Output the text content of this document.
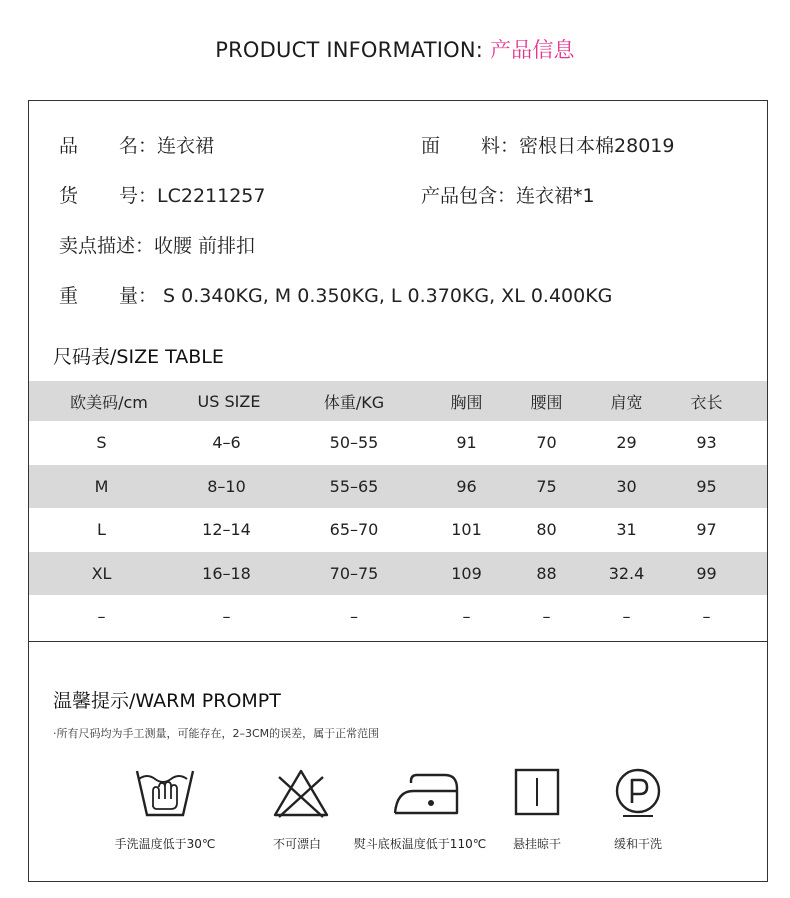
PRODUCT INFORMATION: 产品信息
品 名：连衣裙	面 料：密根日本棉28019
货 号：LC2211257	产品包含：连衣裙*1
卖点描述：收腰 前排扣
重 量： S 0.340KG, M 0.350KG, L 0.370KG, XL 0.400KG
尺码表/SIZE TABLE
欧美码/cm	US SIZE	体重/KG	胸围	腰围	肩宽	衣长
S	4–6	50–55	91	70	29	93
M	8–10	55–65	96	75	30	95
L	12–14	65–70	101	80	31	97
XL	16–18	70–75	109	88	32.4	99
–	–	–	–	–	–	–
温馨提示/WARM PROMPT
·所有尺码均为手工测量，可能存在，2–3CM的误差，属于正常范围
手洗温度低于30℃	不可漂白	熨斗底板温度低于110℃ 悬挂晾干	缓和干洗
